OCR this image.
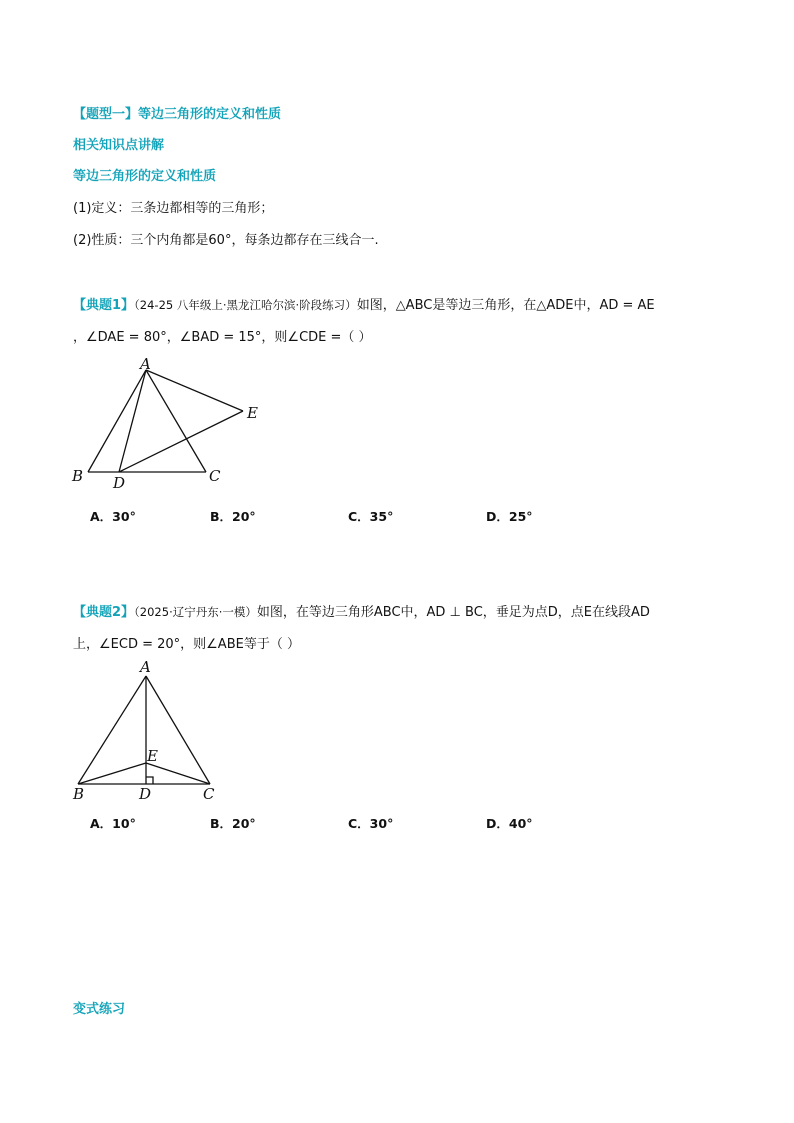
【题型一】等边三角形的定义和性质
相关知识点讲解
等边三角形的定义和性质
(1)定义：三条边都相等的三角形；
(2)性质：三个内角都是60°，每条边都存在三线合一.
【典题1】（24-25 八年级上·黑龙江哈尔滨·阶段练习）如图，△ABC是等边三角形，在△ADE中，AD = AE
，∠DAE = 80°，∠BAD = 15°，则∠CDE =（ ）
A
B	C
D
E
A．30°	B．20°	C．35°	D．25°
【典题2】（2025·辽宁丹东·一模）如图，在等边三角形ABC中，AD ⊥ BC，垂足为点D，点E在线段AD
上，∠ECD = 20°，则∠ABE等于（ ）
A
B	C
D
E
A．10°	B．20°	C．30°	D．40°
变式练习
